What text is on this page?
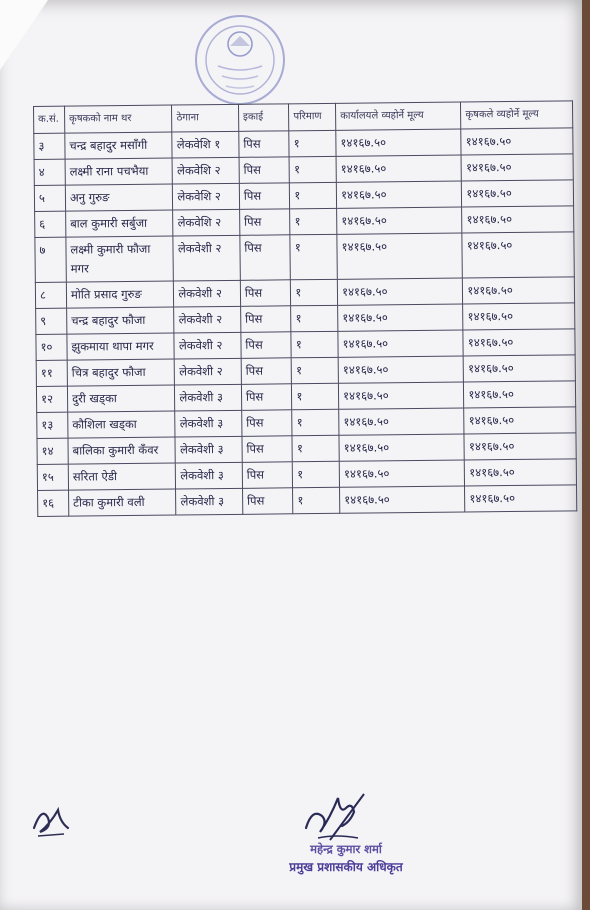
क.सं.	कृषकको नाम थर	ठेगाना	इकाई	परिमाण	कार्यालयले व्यहोर्ने मूल्य	कृषकले व्यहोर्ने मूल्य
३	चन्द्र बहादुर मसाँगी	लेकवेशि १	पिस	१	१४१६७.५०	१४१६७.५०
४	लक्ष्मी राना पचभैया	लेकवेशि २	पिस	१	१४१६७.५०	१४१६७.५०
५	अनु गुरुङ	लेकवेशि २	पिस	१	१४१६७.५०	१४१६७.५०
६	बाल कुमारी सर्बुजा	लेकवेशि २	पिस	१	१४१६७.५०	१४१६७.५०
७	लक्ष्मी कुमारी फौजा मगर	लेकवेशी २	पिस	१	१४१६७.५०	१४१६७.५०
८	मोति प्रसाद गुरुङ	लेकवेशी २	पिस	१	१४१६७.५०	१४१६७.५०
९	चन्द्र बहादुर फौजा	लेकवेशी २	पिस	१	१४१६७.५०	१४१६७.५०
१०	झुकमाया थापा मगर	लेकवेशी २	पिस	१	१४१६७.५०	१४१६७.५०
११	चित्र बहादुर फौजा	लेकवेशी २	पिस	१	१४१६७.५०	१४१६७.५०
१२	दुरी खड्का	लेकवेशी ३	पिस	१	१४१६७.५०	१४१६७.५०
१३	कौशिला खड्का	लेकवेशी ३	पिस	१	१४१६७.५०	१४१६७.५०
१४	बालिका कुमारी कँवर	लेकवेशी ३	पिस	१	१४१६७.५०	१४१६७.५०
१५	सरिता ऐडी	लेकवेशी ३	पिस	१	१४१६७.५०	१४१६७.५०
१६	टीका कुमारी वली	लेकवेशी ३	पिस	१	१४१६७.५०	१४१६७.५०
महेन्द्र कुमार शर्मा
प्रमुख प्रशासकीय अधिकृत
